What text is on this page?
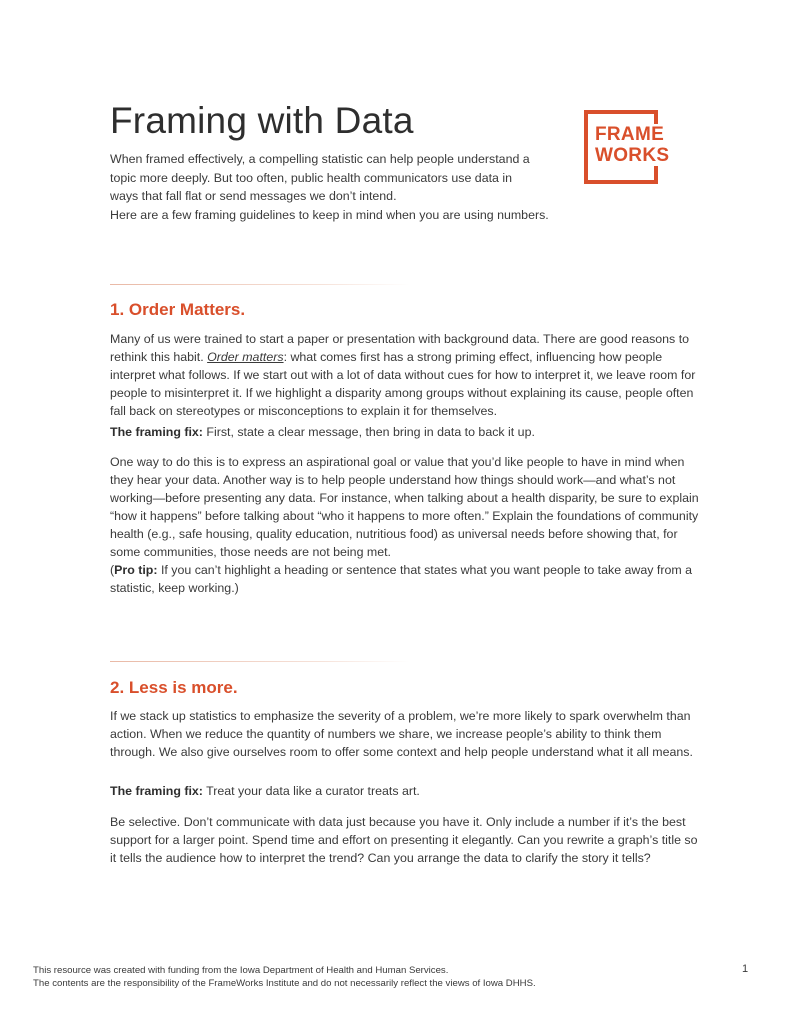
Framing with Data

When framed effectively, a compelling statistic can help people understand a topic more deeply. But too often, public health communicators use data in ways that fall flat or send messages we don’t intend.

Here are a few framing guidelines to keep in mind when you are using numbers.

FRAME
WORKS
1. Order Matters.

Many of us were trained to start a paper or presentation with background data. There are good reasons to rethink this habit. Order matters: what comes first has a strong priming effect, influencing how people interpret what follows. If we start out with a lot of data without cues for how to interpret it, we leave room for people to misinterpret it. If we highlight a disparity among groups without explaining its cause, people often fall back on stereotypes or misconceptions to explain it for themselves.

The framing fix: First, state a clear message, then bring in data to back it up.

One way to do this is to express an aspirational goal or value that you’d like people to have in mind when they hear your data. Another way is to help people understand how things should work—and what’s not working—before presenting any data. For instance, when talking about a health disparity, be sure to explain “how it happens” before talking about “who it happens to more often.” Explain the foundations of community health (e.g., safe housing, quality education, nutritious food) as universal needs before showing that, for some communities, those needs are not being met.
(Pro tip: If you can’t highlight a heading or sentence that states what you want people to take away from a statistic, keep working.)

2. Less is more.

If we stack up statistics to emphasize the severity of a problem, we’re more likely to spark overwhelm than action. When we reduce the quantity of numbers we share, we increase people’s ability to think them through. We also give ourselves room to offer some context and help people understand what it all means.

The framing fix: Treat your data like a curator treats art.

Be selective. Don’t communicate with data just because you have it. Only include a number if it’s the best support for a larger point. Spend time and effort on presenting it elegantly. Can you rewrite a graph’s title so it tells the audience how to interpret the trend? Can you arrange the data to clarify the story it tells?

This resource was created with funding from the Iowa Department of Health and Human Services.
The contents are the responsibility of the FrameWorks Institute and do not necessarily reflect the views of Iowa DHHS.

1
